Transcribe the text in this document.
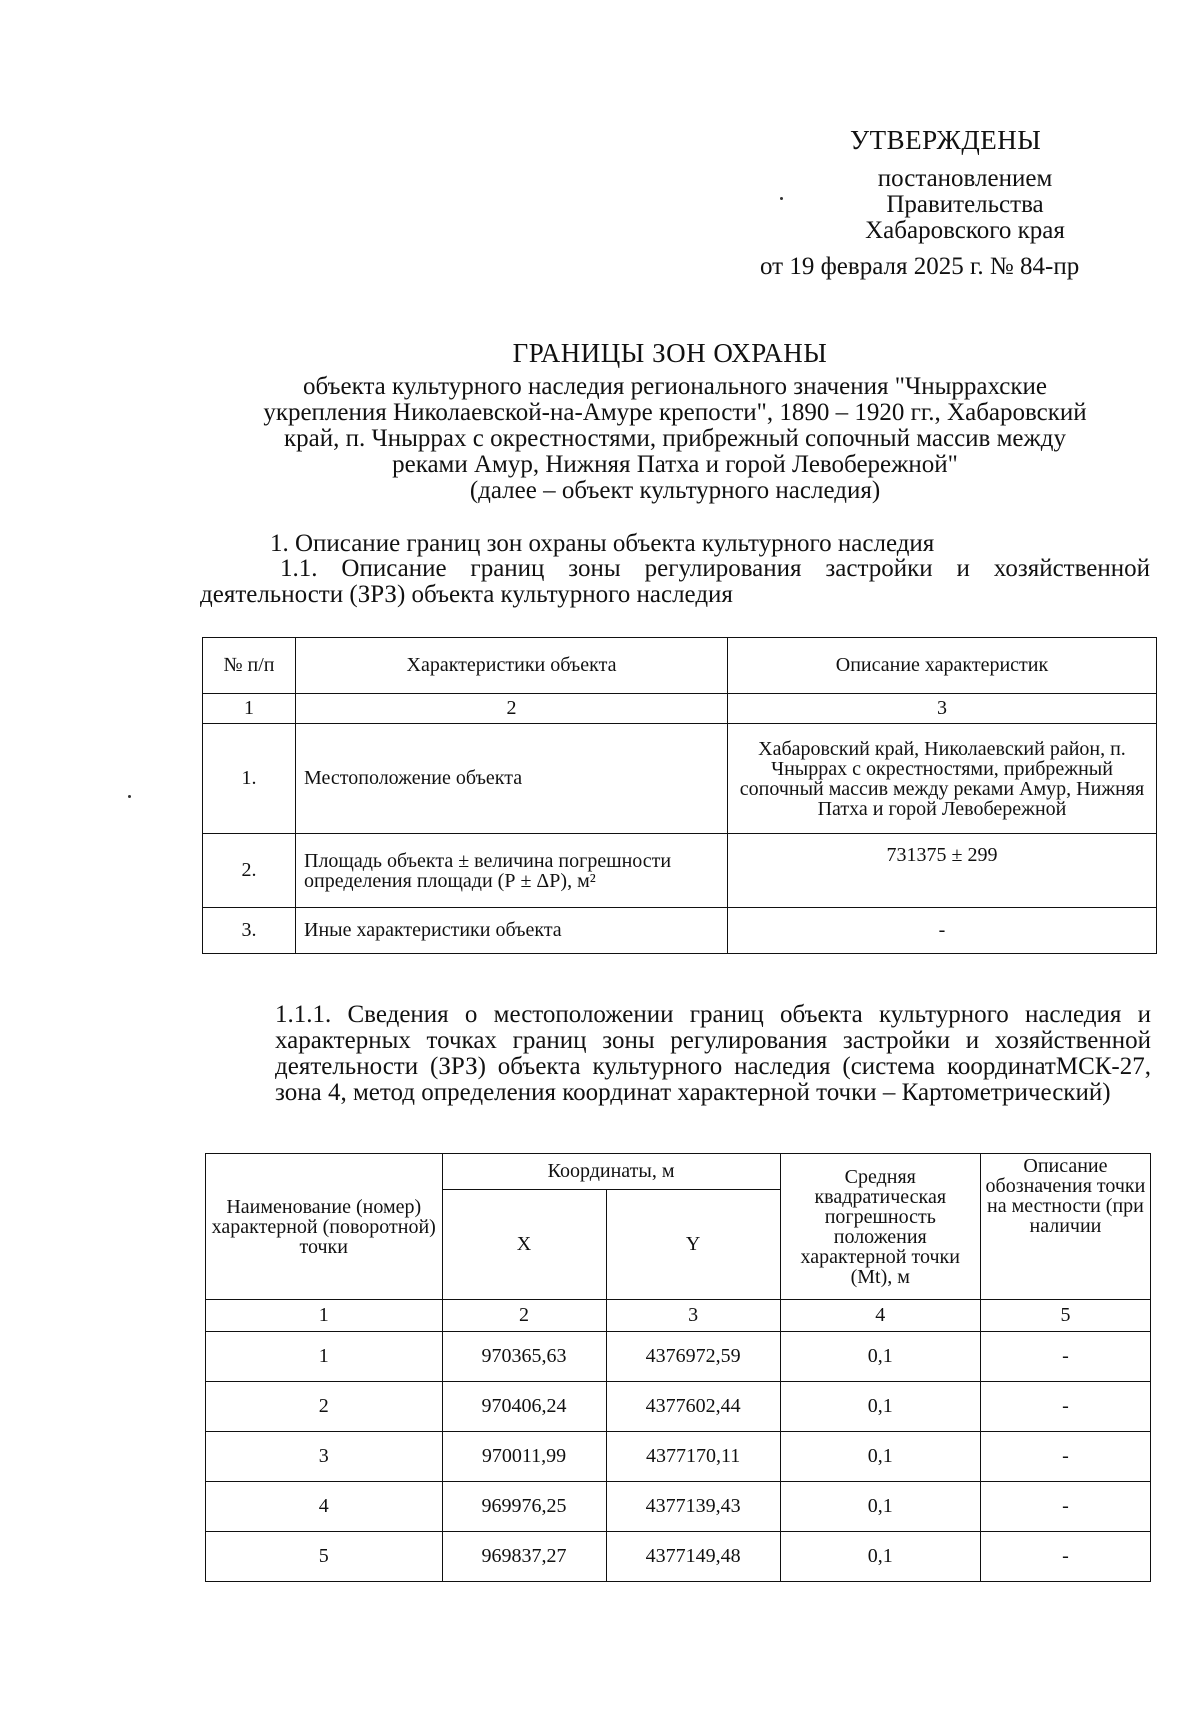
УТВЕРЖДЕНЫ
постановлением
Правительства
Хабаровского края
от 19 февраля 2025 г. № 84-пр
ГРАНИЦЫ ЗОН ОХРАНЫ
объекта культурного наследия регионального значения "Чныррахские
укрепления Николаевской-на-Амуре крепости", 1890 – 1920 гг., Хабаровский
край, п. Чныррах с окрестностями, прибрежный сопочный массив между
реками Амур, Нижняя Патха и горой Левобережной"
(далее – объект культурного наследия)
1. Описание границ зон охраны объекта культурного наследия
1.1. Описание границ зоны регулирования застройки и хозяйственной деятельности (ЗРЗ) объекта культурного наследия
№ п/п	Характеристики объекта	Описание характеристик
1	2	3
1.	Местоположение объекта	Хабаровский край, Николаевский район, п. Чныррах с окрестностями, прибрежный сопочный массив между реками Амур, Нижняя Патха и горой Левобережной
2.	Площадь объекта ± величина погрешности определения площади (Р ± ΔР), м²	731375 ± 299
3.	Иные характеристики объекта	-
1.1.1. Сведения о местоположении границ объекта культурного наследия и характерных точках границ зоны регулирования застройки и хозяйственной деятельности (ЗРЗ) объекта культурного наследия (система координатМСК-27, зона 4, метод определения координат характерной точки – Картометрический)
Наименование (номер) характерной (поворотной) точки	Координаты, м		Средняя квадратическая погрешность положения характерной точки (Mt), м	Описание обозначения точки на местности (при наличии
	X	Y		
1	2	3	4	5
1	970365,63	4376972,59	0,1	-
2	970406,24	4377602,44	0,1	-
3	970011,99	4377170,11	0,1	-
4	969976,25	4377139,43	0,1	-
5	969837,27	4377149,48	0,1	-
